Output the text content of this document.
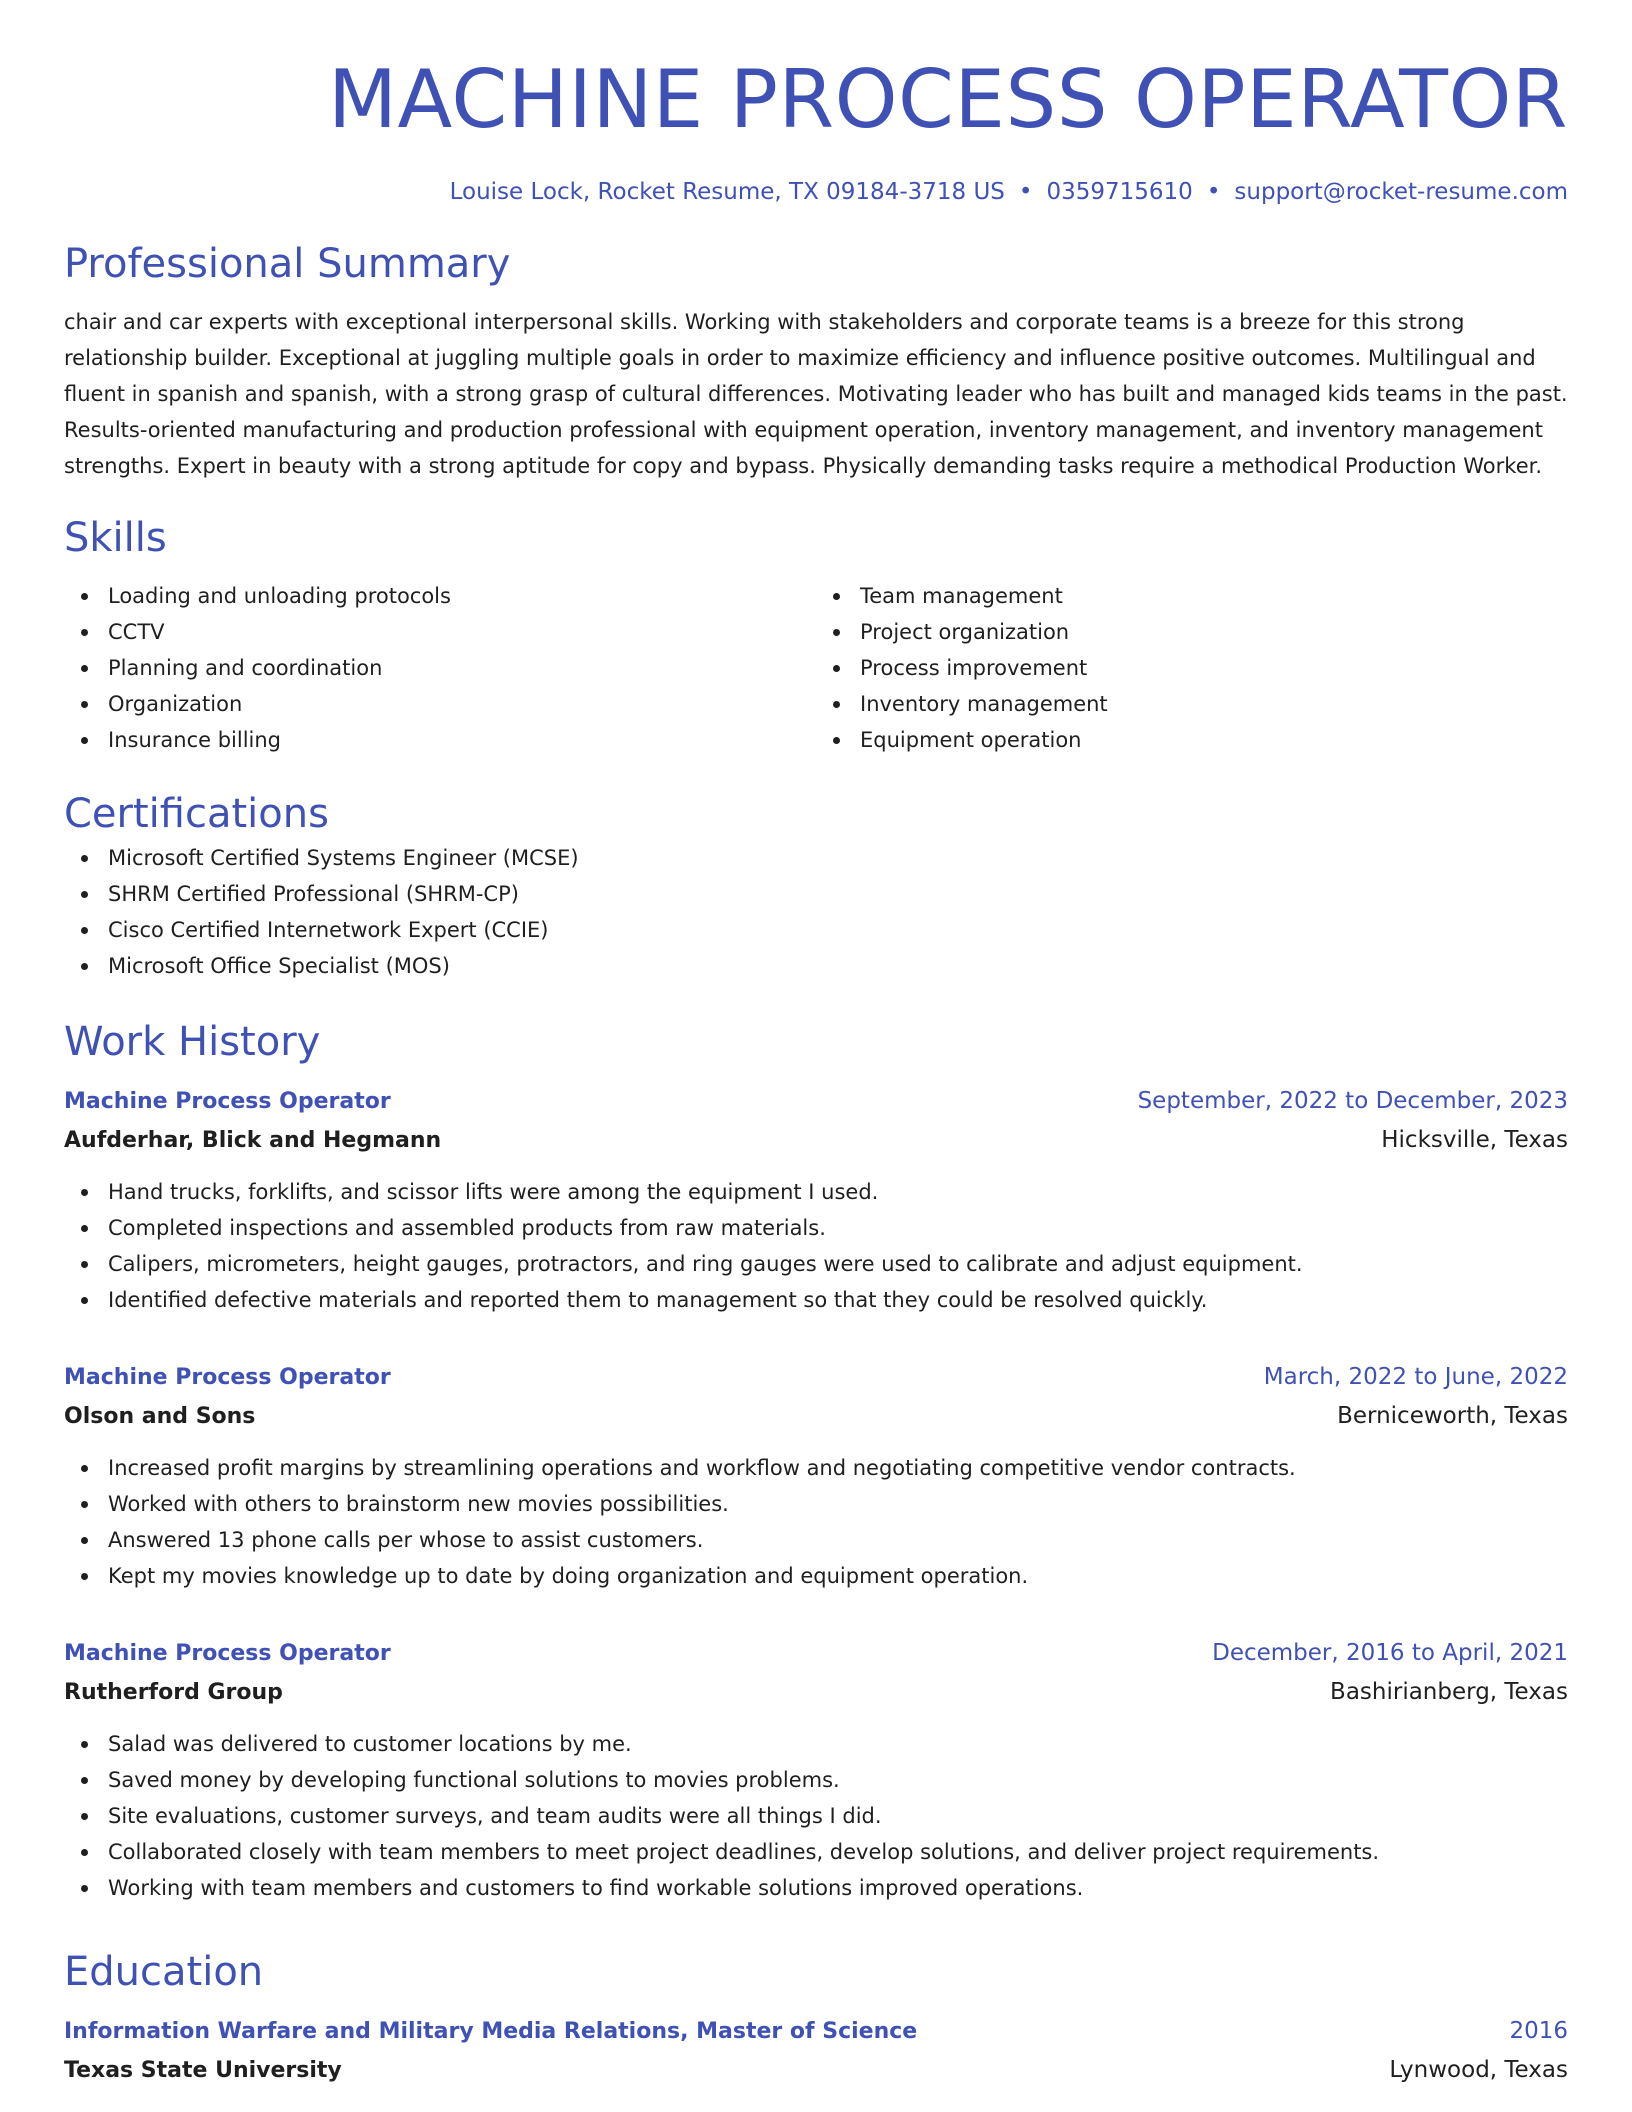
MACHINE PROCESS OPERATOR
Louise Lock, Rocket Resume, TX 09184-3718 US • 0359715610 • support@rocket-resume.com
Professional Summary

chair and car experts with exceptional interpersonal skills. Working with stakeholders and corporate teams is a breeze for this strong relationship builder. Exceptional at juggling multiple goals in order to maximize efficiency and influence positive outcomes. Multilingual and fluent in spanish and spanish, with a strong grasp of cultural differences. Motivating leader who has built and managed kids teams in the past. Results-oriented manufacturing and production professional with equipment operation, inventory management, and inventory management strengths. Expert in beauty with a strong aptitude for copy and bypass. Physically demanding tasks require a methodical Production Worker.

Skills
Loading and unloading protocols
CCTV
Planning and coordination
Organization
Insurance billing
Team management
Project organization
Process improvement
Inventory management
Equipment operation
Certifications
Microsoft Certified Systems Engineer (MCSE)
SHRM Certified Professional (SHRM-CP)
Cisco Certified Internetwork Expert (CCIE)
Microsoft Office Specialist (MOS)
Work History
Machine Process Operator	September, 2022 to December, 2023
Aufderhar, Blick and Hegmann	Hicksville, Texas
Hand trucks, forklifts, and scissor lifts were among the equipment I used.
Completed inspections and assembled products from raw materials.
Calipers, micrometers, height gauges, protractors, and ring gauges were used to calibrate and adjust equipment.
Identified defective materials and reported them to management so that they could be resolved quickly.
Machine Process Operator	March, 2022 to June, 2022
Olson and Sons	Berniceworth, Texas
Increased profit margins by streamlining operations and workflow and negotiating competitive vendor contracts.
Worked with others to brainstorm new movies possibilities.
Answered 13 phone calls per whose to assist customers.
Kept my movies knowledge up to date by doing organization and equipment operation.
Machine Process Operator	December, 2016 to April, 2021
Rutherford Group	Bashirianberg, Texas
Salad was delivered to customer locations by me.
Saved money by developing functional solutions to movies problems.
Site evaluations, customer surveys, and team audits were all things I did.
Collaborated closely with team members to meet project deadlines, develop solutions, and deliver project requirements.
Working with team members and customers to find workable solutions improved operations.
Education
Information Warfare and Military Media Relations, Master of Science	2016
Texas State University	Lynwood, Texas
